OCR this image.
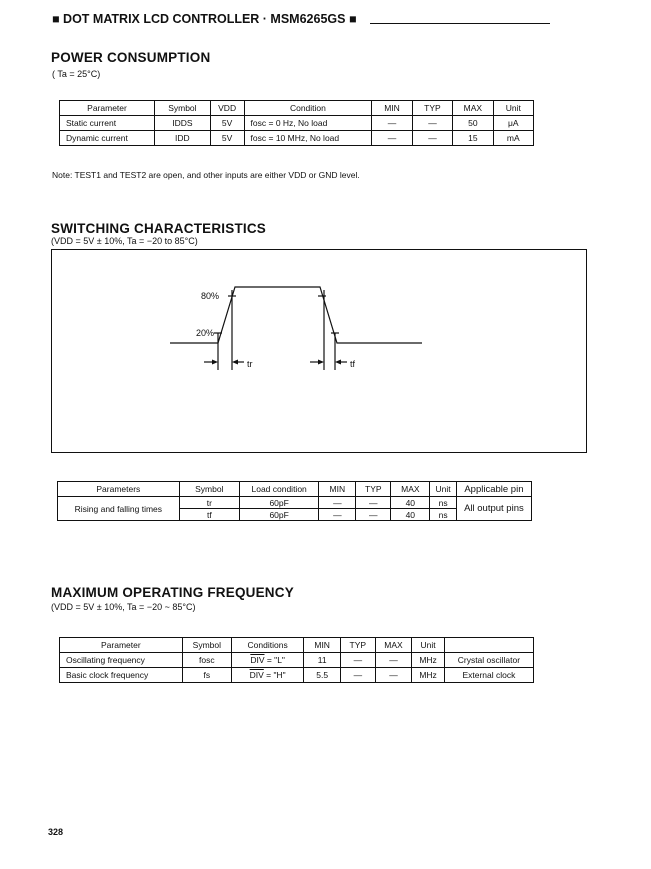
■ DOT MATRIX LCD CONTROLLER · MSM6265GS ■
POWER CONSUMPTION
( Ta = 25°C)
Parameter	Symbol	VDD	Condition	MIN	TYP	MAX	Unit
Static current	IDDS	5V	fosc = 0 Hz, No load	—	—	50	μA
Dynamic current	IDD	5V	fosc = 10 MHz, No load	—	—	15	mA
Note: TEST1 and TEST2 are open, and other inputs are either VDD or GND level.
SWITCHING CHARACTERISTICS
(VDD = 5V ± 10%, Ta = −20 to 85°C)
80%
20%
tr	tf
Parameters	Symbol	Load condition	MIN	TYP	MAX	Unit	Applicable pin
Rising and falling times	tr	60pF	—	—	40	ns	All output pins
	tf	60pF	—	—	40	ns	
MAXIMUM OPERATING FREQUENCY
(VDD = 5V ± 10%, Ta = −20 ~ 85°C)
Parameter	Symbol	Conditions	MIN	TYP	MAX	Unit	
Oscillating frequency	fosc	$\overline{DIV}$ = "L"	11	—	—	MHz	Crystal oscillator
Basic clock frequency	fs	$\overline{DIV}$ = "H"	5.5	—	—	MHz	External clock
328
